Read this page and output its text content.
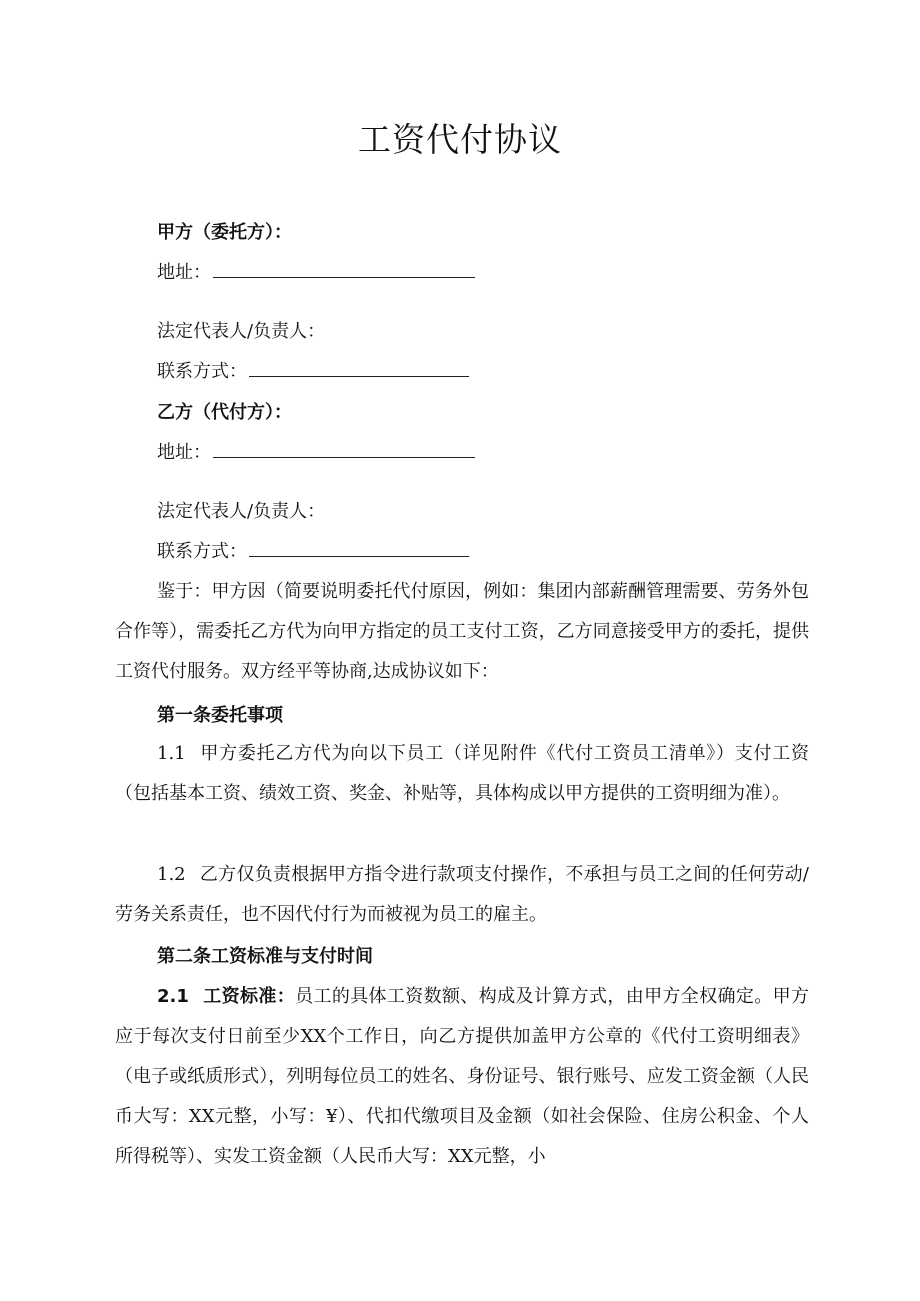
工资代付协议
甲方（委托方）：
地址：
法定代表人/负责人：
联系方式：
乙方（代付方）：
地址：
法定代表人/负责人：
联系方式：
鉴于：甲方因（简要说明委托代付原因，例如：集团内部薪酬管理需要、劳务外包合作等），需委托乙方代为向甲方指定的员工支付工资，乙方同意接受甲方的委托，提供工资代付服务。双方经平等协商,达成协议如下：
第一条委托事项
1.1 甲方委托乙方代为向以下员工（详见附件《代付工资员工清单》）支付工资（包括基本工资、绩效工资、奖金、补贴等，具体构成以甲方提供的工资明细为准）。
1.2 乙方仅负责根据甲方指令进行款项支付操作，不承担与员工之间的任何劳动/劳务关系责任，也不因代付行为而被视为员工的雇主。
第二条工资标准与支付时间
2.1 工资标准：员工的具体工资数额、构成及计算方式，由甲方全权确定。甲方应于每次支付日前至少XX个工作日，向乙方提供加盖甲方公章的《代付工资明细表》（电子或纸质形式），列明每位员工的姓名、身份证号、银行账号、应发工资金额（人民币大写：XX元整，小写：¥）、代扣代缴项目及金额（如社会保险、住房公积金、个人所得税等）、实发工资金额（人民币大写：XX元整，小
